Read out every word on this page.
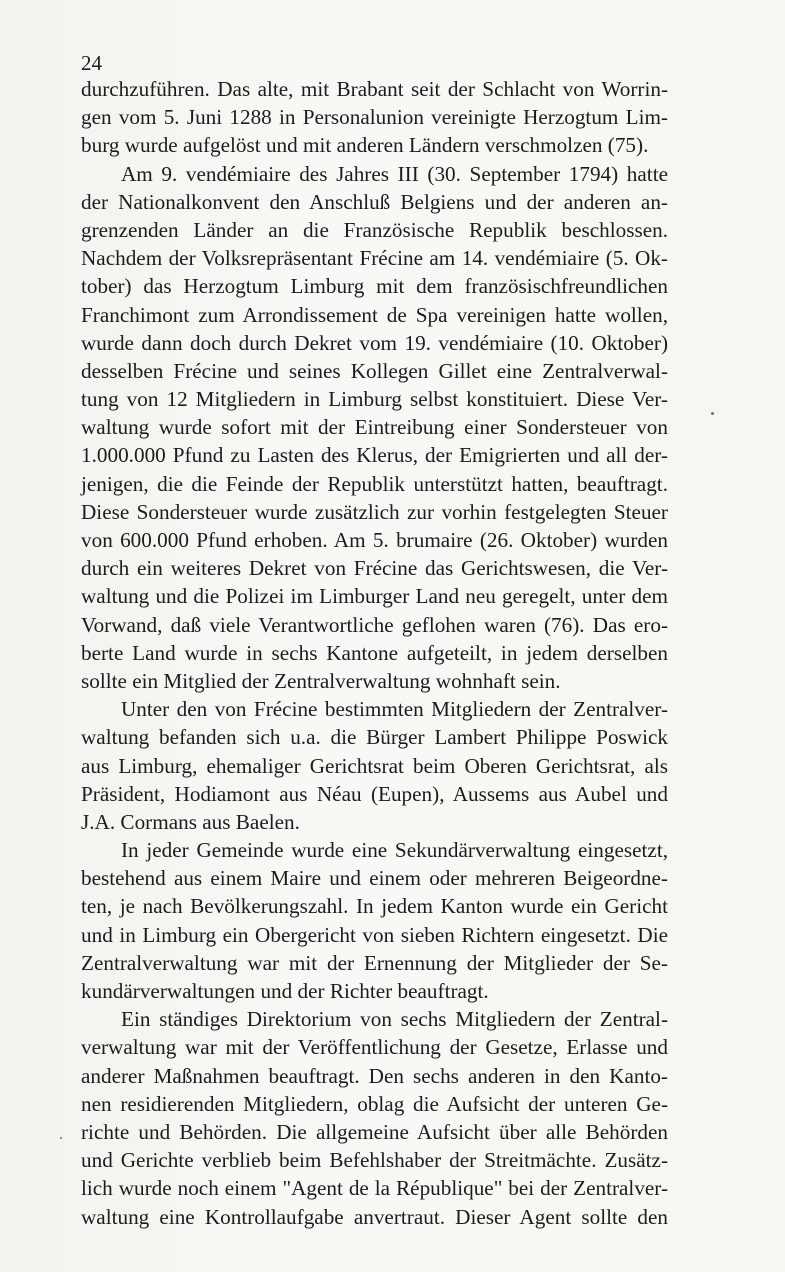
24
durchzuführen. Das alte, mit Brabant seit der Schlacht von Worrin-
gen vom 5. Juni 1288 in Personalunion vereinigte Herzogtum Lim-
burg wurde aufgelöst und mit anderen Ländern verschmolzen (75).
Am 9. vendémiaire des Jahres III (30. September 1794) hatte
der Nationalkonvent den Anschluß Belgiens und der anderen an-
grenzenden Länder an die Französische Republik beschlossen.
Nachdem der Volksrepräsentant Frécine am 14. vendémiaire (5. Ok-
tober) das Herzogtum Limburg mit dem französischfreundlichen
Franchimont zum Arrondissement de Spa vereinigen hatte wollen,
wurde dann doch durch Dekret vom 19. vendémiaire (10. Oktober)
desselben Frécine und seines Kollegen Gillet eine Zentralverwal-
tung von 12 Mitgliedern in Limburg selbst konstituiert. Diese Ver-
waltung wurde sofort mit der Eintreibung einer Sondersteuer von
1.000.000 Pfund zu Lasten des Klerus, der Emigrierten und all der-
jenigen, die die Feinde der Republik unterstützt hatten, beauftragt.
Diese Sondersteuer wurde zusätzlich zur vorhin festgelegten Steuer
von 600.000 Pfund erhoben. Am 5. brumaire (26. Oktober) wurden
durch ein weiteres Dekret von Frécine das Gerichtswesen, die Ver-
waltung und die Polizei im Limburger Land neu geregelt, unter dem
Vorwand, daß viele Verantwortliche geflohen waren (76). Das ero-
berte Land wurde in sechs Kantone aufgeteilt, in jedem derselben
sollte ein Mitglied der Zentralverwaltung wohnhaft sein.
Unter den von Frécine bestimmten Mitgliedern der Zentralver-
waltung befanden sich u.a. die Bürger Lambert Philippe Poswick
aus Limburg, ehemaliger Gerichtsrat beim Oberen Gerichtsrat, als
Präsident, Hodiamont aus Néau (Eupen), Aussems aus Aubel und
J.A. Cormans aus Baelen.
In jeder Gemeinde wurde eine Sekundärverwaltung eingesetzt,
bestehend aus einem Maire und einem oder mehreren Beigeordne-
ten, je nach Bevölkerungszahl. In jedem Kanton wurde ein Gericht
und in Limburg ein Obergericht von sieben Richtern eingesetzt. Die
Zentralverwaltung war mit der Ernennung der Mitglieder der Se-
kundärverwaltungen und der Richter beauftragt.
Ein ständiges Direktorium von sechs Mitgliedern der Zentral-
verwaltung war mit der Veröffentlichung der Gesetze, Erlasse und
anderer Maßnahmen beauftragt. Den sechs anderen in den Kanto-
nen residierenden Mitgliedern, oblag die Aufsicht der unteren Ge-
richte und Behörden. Die allgemeine Aufsicht über alle Behörden
und Gerichte verblieb beim Befehlshaber der Streitmächte. Zusätz-
lich wurde noch einem "Agent de la République" bei der Zentralver-
waltung eine Kontrollaufgabe anvertraut. Dieser Agent sollte den
